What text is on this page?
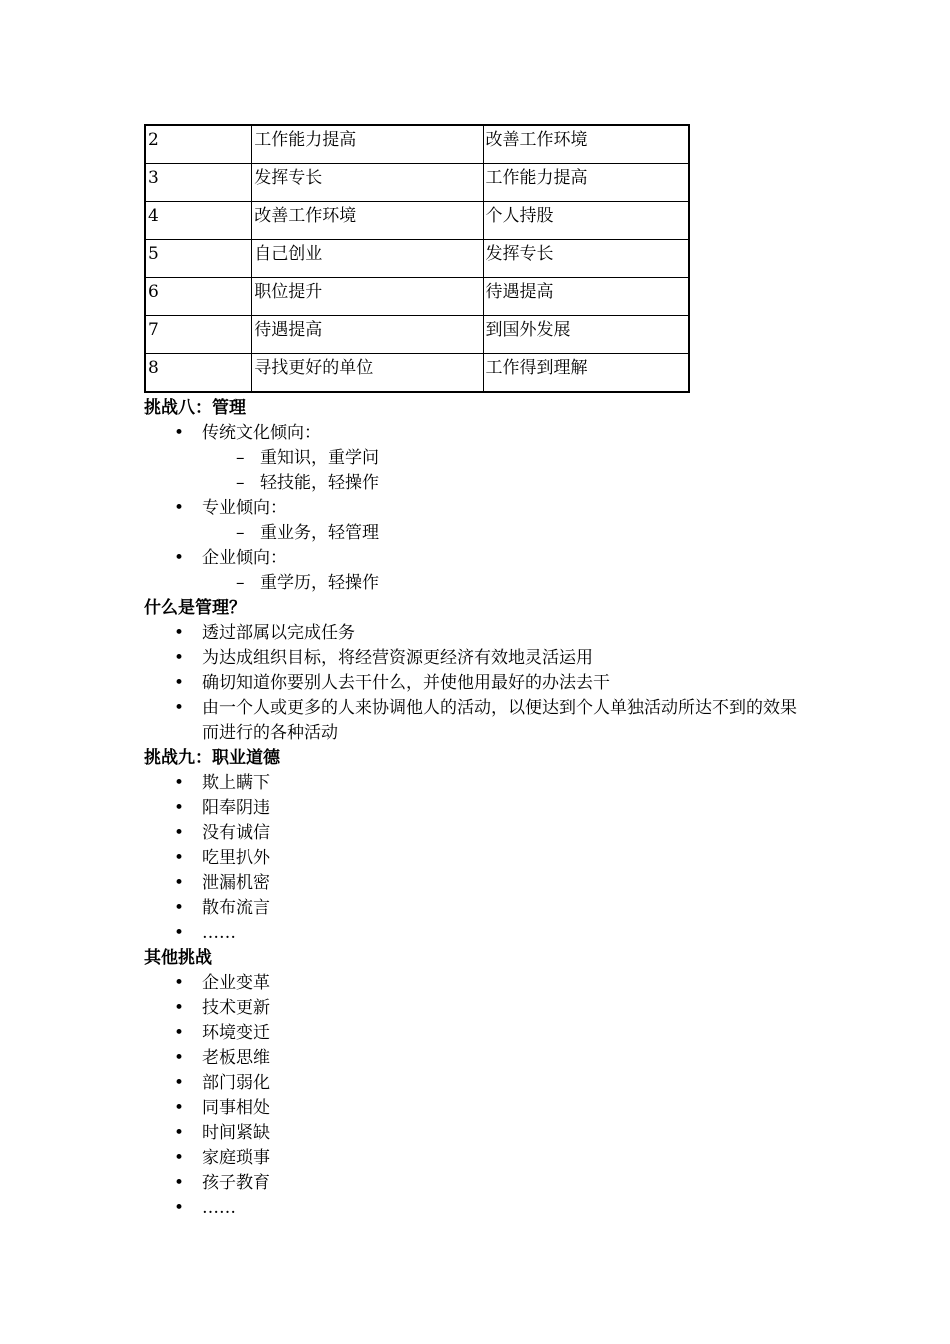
2	工作能力提高	改善工作环境
3	发挥专长	工作能力提高
4	改善工作环境	个人持股
5	自己创业	发挥专长
6	职位提升	待遇提高
7	待遇提高	到国外发展
8	寻找更好的单位	工作得到理解
挑战八：管理
• 传统文化倾向：
– 重知识，重学问
– 轻技能，轻操作
• 专业倾向：
– 重业务，轻管理
• 企业倾向：
– 重学历，轻操作
什么是管理？
• 透过部属以完成任务
• 为达成组织目标，将经营资源更经济有效地灵活运用
• 确切知道你要别人去干什么，并使他用最好的办法去干
• 由一个人或更多的人来协调他人的活动，以便达到个人单独活动所达不到的效果而进行的各种活动
挑战九：职业道德
• 欺上瞒下
• 阳奉阴违
• 没有诚信
• 吃里扒外
• 泄漏机密
• 散布流言
• ……
其他挑战
• 企业变革
• 技术更新
• 环境变迁
• 老板思维
• 部门弱化
• 同事相处
• 时间紧缺
• 家庭琐事
• 孩子教育
• ……
